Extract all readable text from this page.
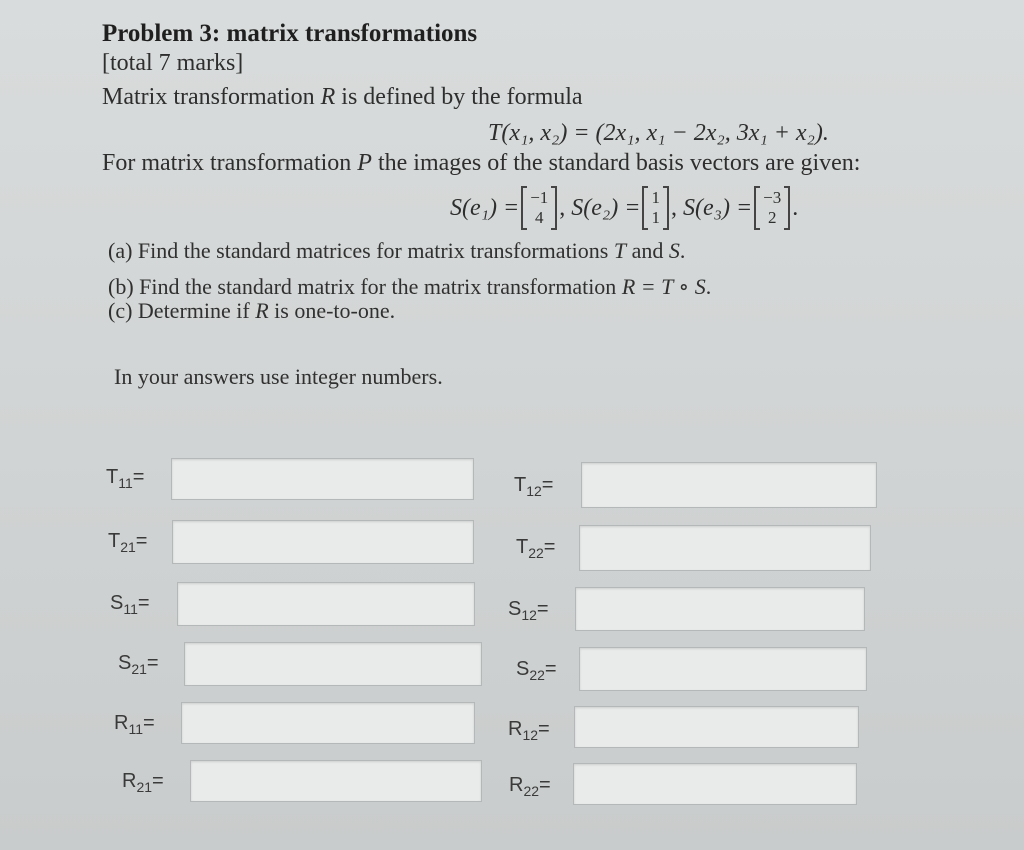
Problem 3: matrix transformations
[total 7 marks]
Matrix transformation R is defined by the formula
T(x₁, x₂) = (2x₁, x₁ − 2x₂, 3x₁ + x₂).
For matrix transformation P the images of the standard basis vectors are given:
S(e₁) = −1
4 , S(e₂) = 1
1 , S(e₃) = −3
2 .
(a) Find the standard matrices for matrix transformations T and S.
(b) Find the standard matrix for the matrix transformation R = T ∘ S.
(c) Determine if R is one-to-one.
In your answers use integer numbers.
$T_{11}=$	$T_{12}=$
$T_{21}=$	$T_{22}=$
$S_{11}=$	$S_{12}=$
$S_{21}=$	$S_{22}=$
$R_{11}=$	$R_{12}=$
$R_{21}=$	$R_{22}=$
